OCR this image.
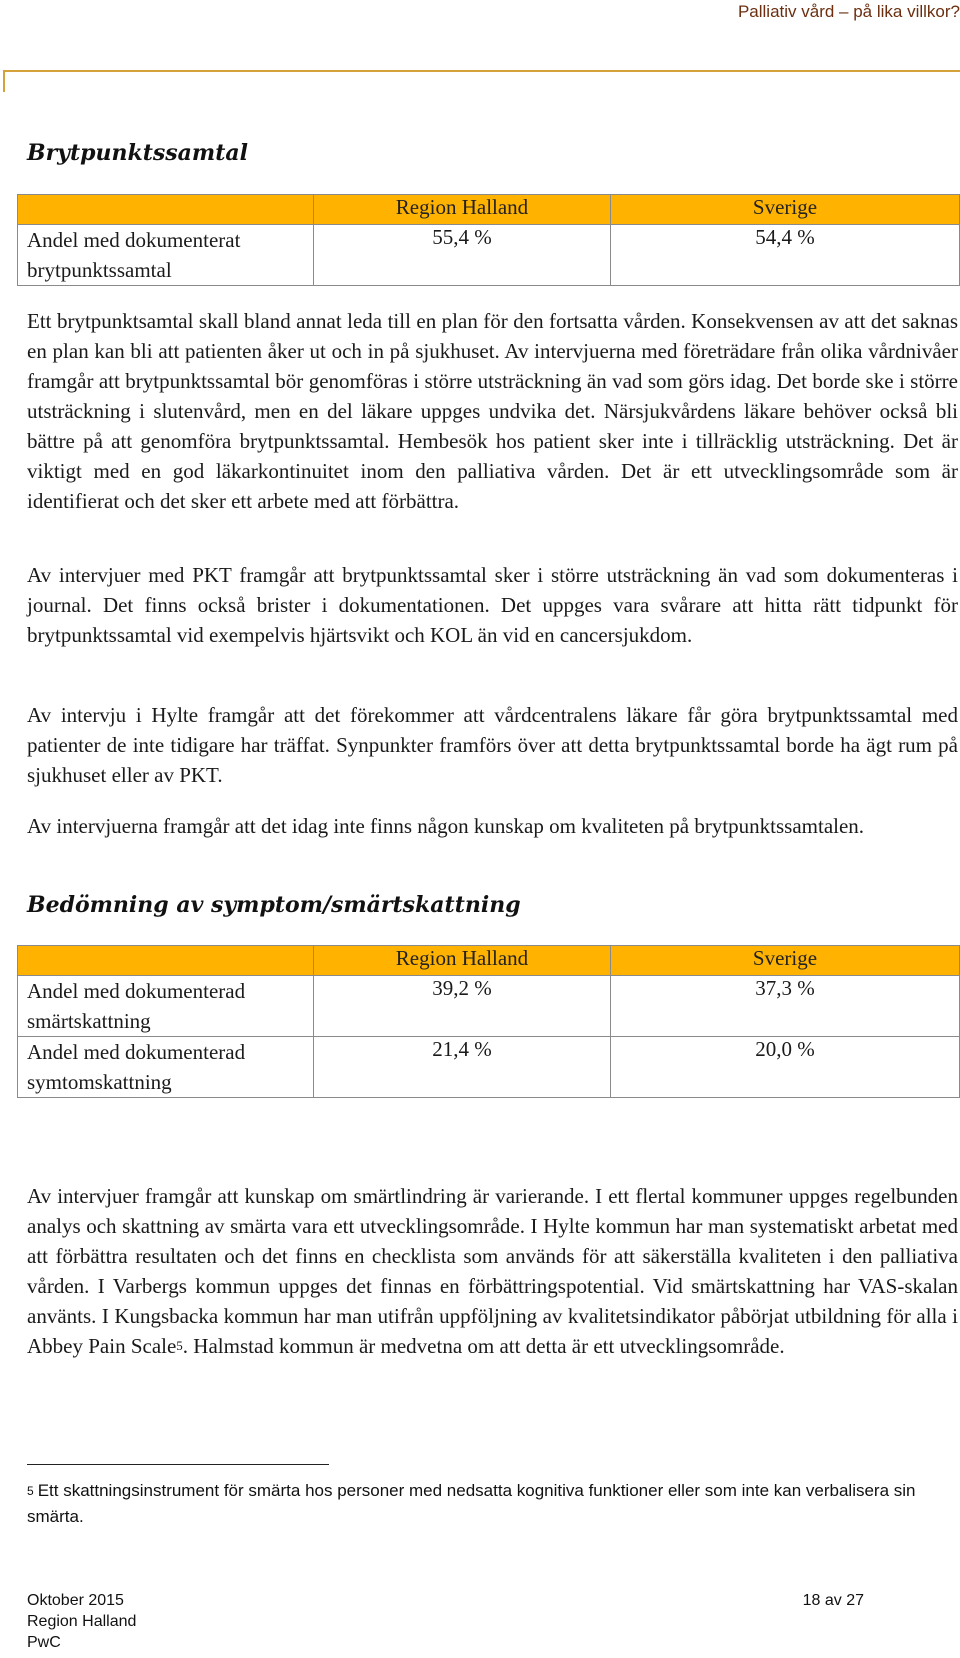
Palliativ vård – på lika villkor?
Brytpunktssamtal
	Region Halland	Sverige

Andel med dokumenterat
brytpunktssamtal	55,4 %	54,4 %

Ett brytpunktsamtal skall bland annat leda till en plan för den fortsatta vården. Konsekvensen av att det saknas en plan kan bli att patienten åker ut och in på sjukhuset. Av intervjuerna med företrädare från olika vårdnivåer framgår att brytpunktssamtal bör genomföras i större utsträckning än vad som görs idag. Det borde ske i större utsträckning i slutenvård, men en del läkare uppges undvika det. Närsjukvårdens läkare behöver också bli bättre på att genomföra brytpunktssamtal. Hembesök hos patient sker inte i tillräcklig utsträckning. Det är viktigt med en god läkarkontinuitet inom den palliativa vården. Det är ett utvecklingsområde som är identifierat och det sker ett arbete med att förbättra.

Av intervjuer med PKT framgår att brytpunktssamtal sker i större utsträckning än vad som dokumenteras i journal. Det finns också brister i dokumentationen. Det uppges vara svårare att hitta rätt tidpunkt för brytpunktssamtal vid exempelvis hjärtsvikt och KOL än vid en cancersjukdom.

Av intervju i Hylte framgår att det förekommer att vårdcentralens läkare får göra brytpunktssamtal med patienter de inte tidigare har träffat. Synpunkter framförs över att detta brytpunktssamtal borde ha ägt rum på sjukhuset eller av PKT.

Av intervjuerna framgår att det idag inte finns någon kunskap om kvaliteten på brytpunktssamtalen.

Bedömning av symptom/smärtskattning
	Region Halland	Sverige

Andel med dokumenterad
smärtskattning	39,2 %	37,3 %

Andel med dokumenterad
symtomskattning	21,4 %	20,0 %

Av intervjuer framgår att kunskap om smärtlindring är varierande. I ett flertal kommuner uppges regelbunden analys och skattning av smärta vara ett utvecklingsområde. I Hylte kommun har man systematiskt arbetat med att förbättra resultaten och det finns en checklista som används för att säkerställa kvaliteten i den palliativa vården. I Varbergs kommun uppges det finnas en förbättringspotential. Vid smärtskattning har VAS-skalan använts. I Kungsbacka kommun har man utifrån uppföljning av kvalitetsindikator påbörjat utbildning för alla i Abbey Pain Scale$^5$. Halmstad kommun är medvetna om att detta är ett utvecklingsområde.

$^5$ Ett skattningsinstrument för smärta hos personer med nedsatta kognitiva funktioner eller som inte kan verbalisera sin smärta.

Oktober 2015
Region Halland
PwC
18 av 27
